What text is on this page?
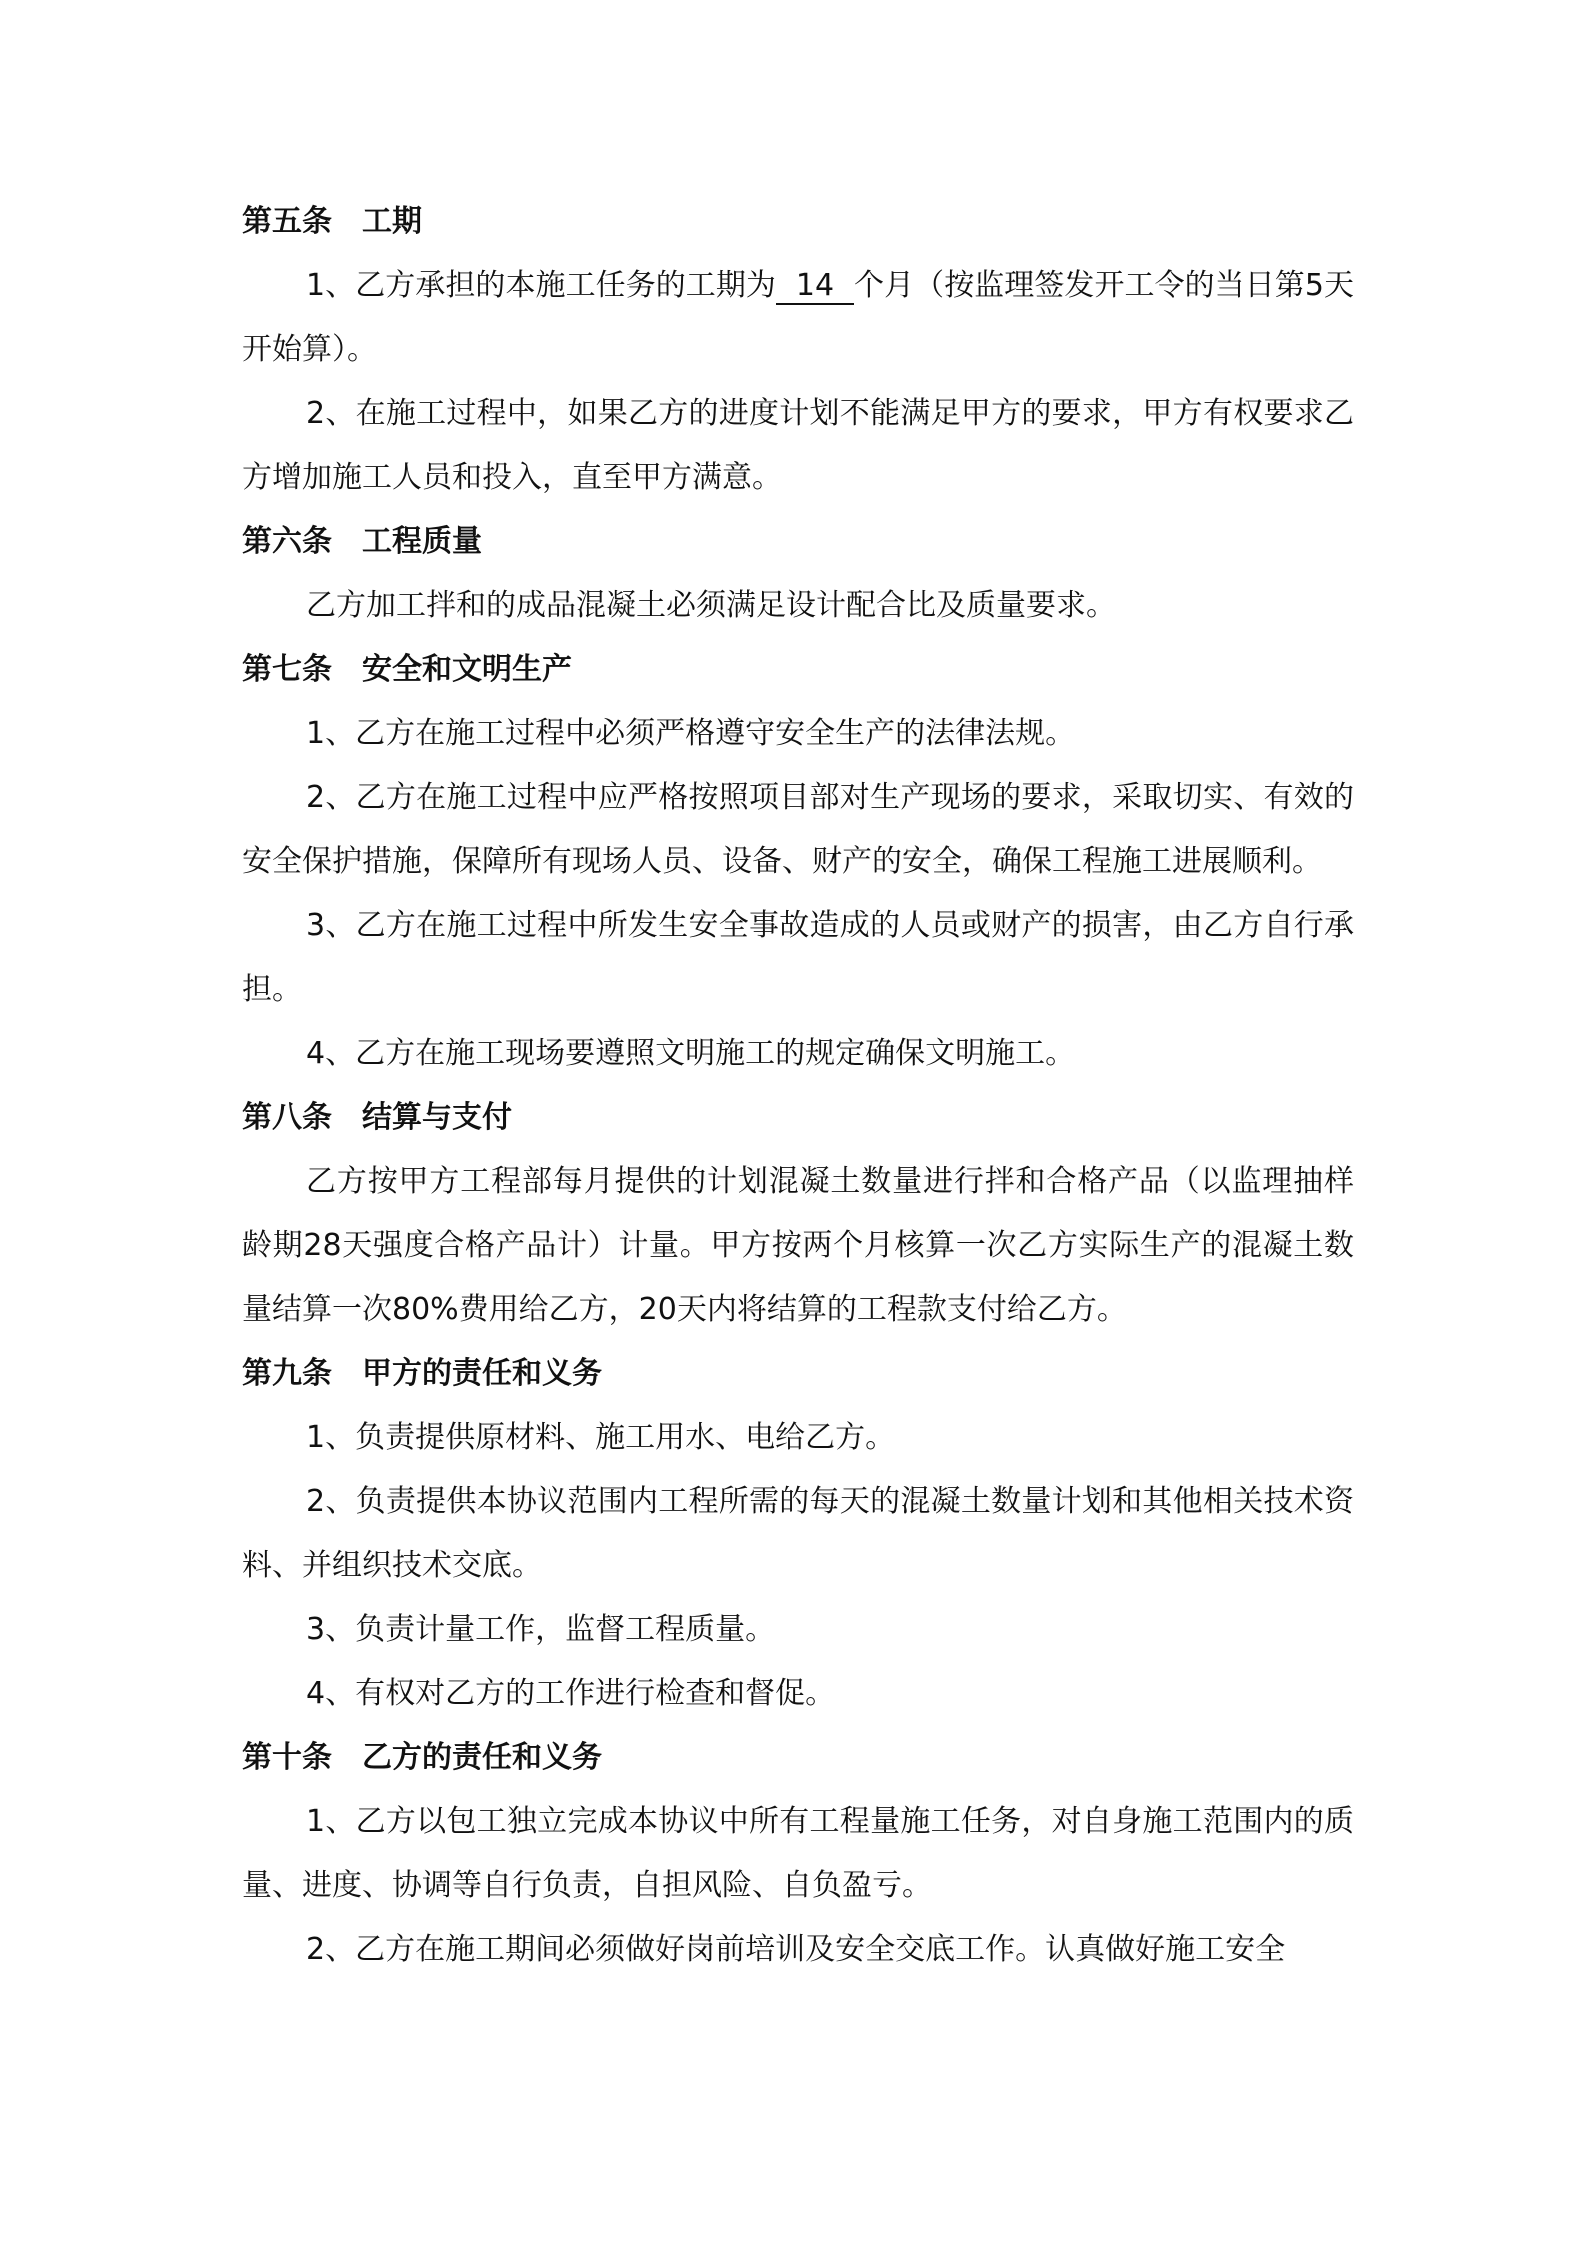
第五条 工期

1、乙方承担的本施工任务的工期为 14 个月（按监理签发开工令的当日第5天开始算）。

2、在施工过程中，如果乙方的进度计划不能满足甲方的要求，甲方有权要求乙方增加施工人员和投入，直至甲方满意。

第六条 工程质量

乙方加工拌和的成品混凝土必须满足设计配合比及质量要求。

第七条 安全和文明生产

1、乙方在施工过程中必须严格遵守安全生产的法律法规。

2、乙方在施工过程中应严格按照项目部对生产现场的要求，采取切实、有效的安全保护措施，保障所有现场人员、设备、财产的安全，确保工程施工进展顺利。

3、乙方在施工过程中所发生安全事故造成的人员或财产的损害，由乙方自行承担。

4、乙方在施工现场要遵照文明施工的规定确保文明施工。

第八条 结算与支付

乙方按甲方工程部每月提供的计划混凝土数量进行拌和合格产品（以监理抽样龄期28天强度合格产品计）计量。甲方按两个月核算一次乙方实际生产的混凝土数量结算一次80%费用给乙方，20天内将结算的工程款支付给乙方。

第九条 甲方的责任和义务

1、负责提供原材料、施工用水、电给乙方。

2、负责提供本协议范围内工程所需的每天的混凝土数量计划和其他相关技术资料、并组织技术交底。

3、负责计量工作，监督工程质量。

4、有权对乙方的工作进行检查和督促。

第十条 乙方的责任和义务

1、乙方以包工独立完成本协议中所有工程量施工任务，对自身施工范围内的质量、进度、协调等自行负责，自担风险、自负盈亏。

2、乙方在施工期间必须做好岗前培训及安全交底工作。认真做好施工安全
